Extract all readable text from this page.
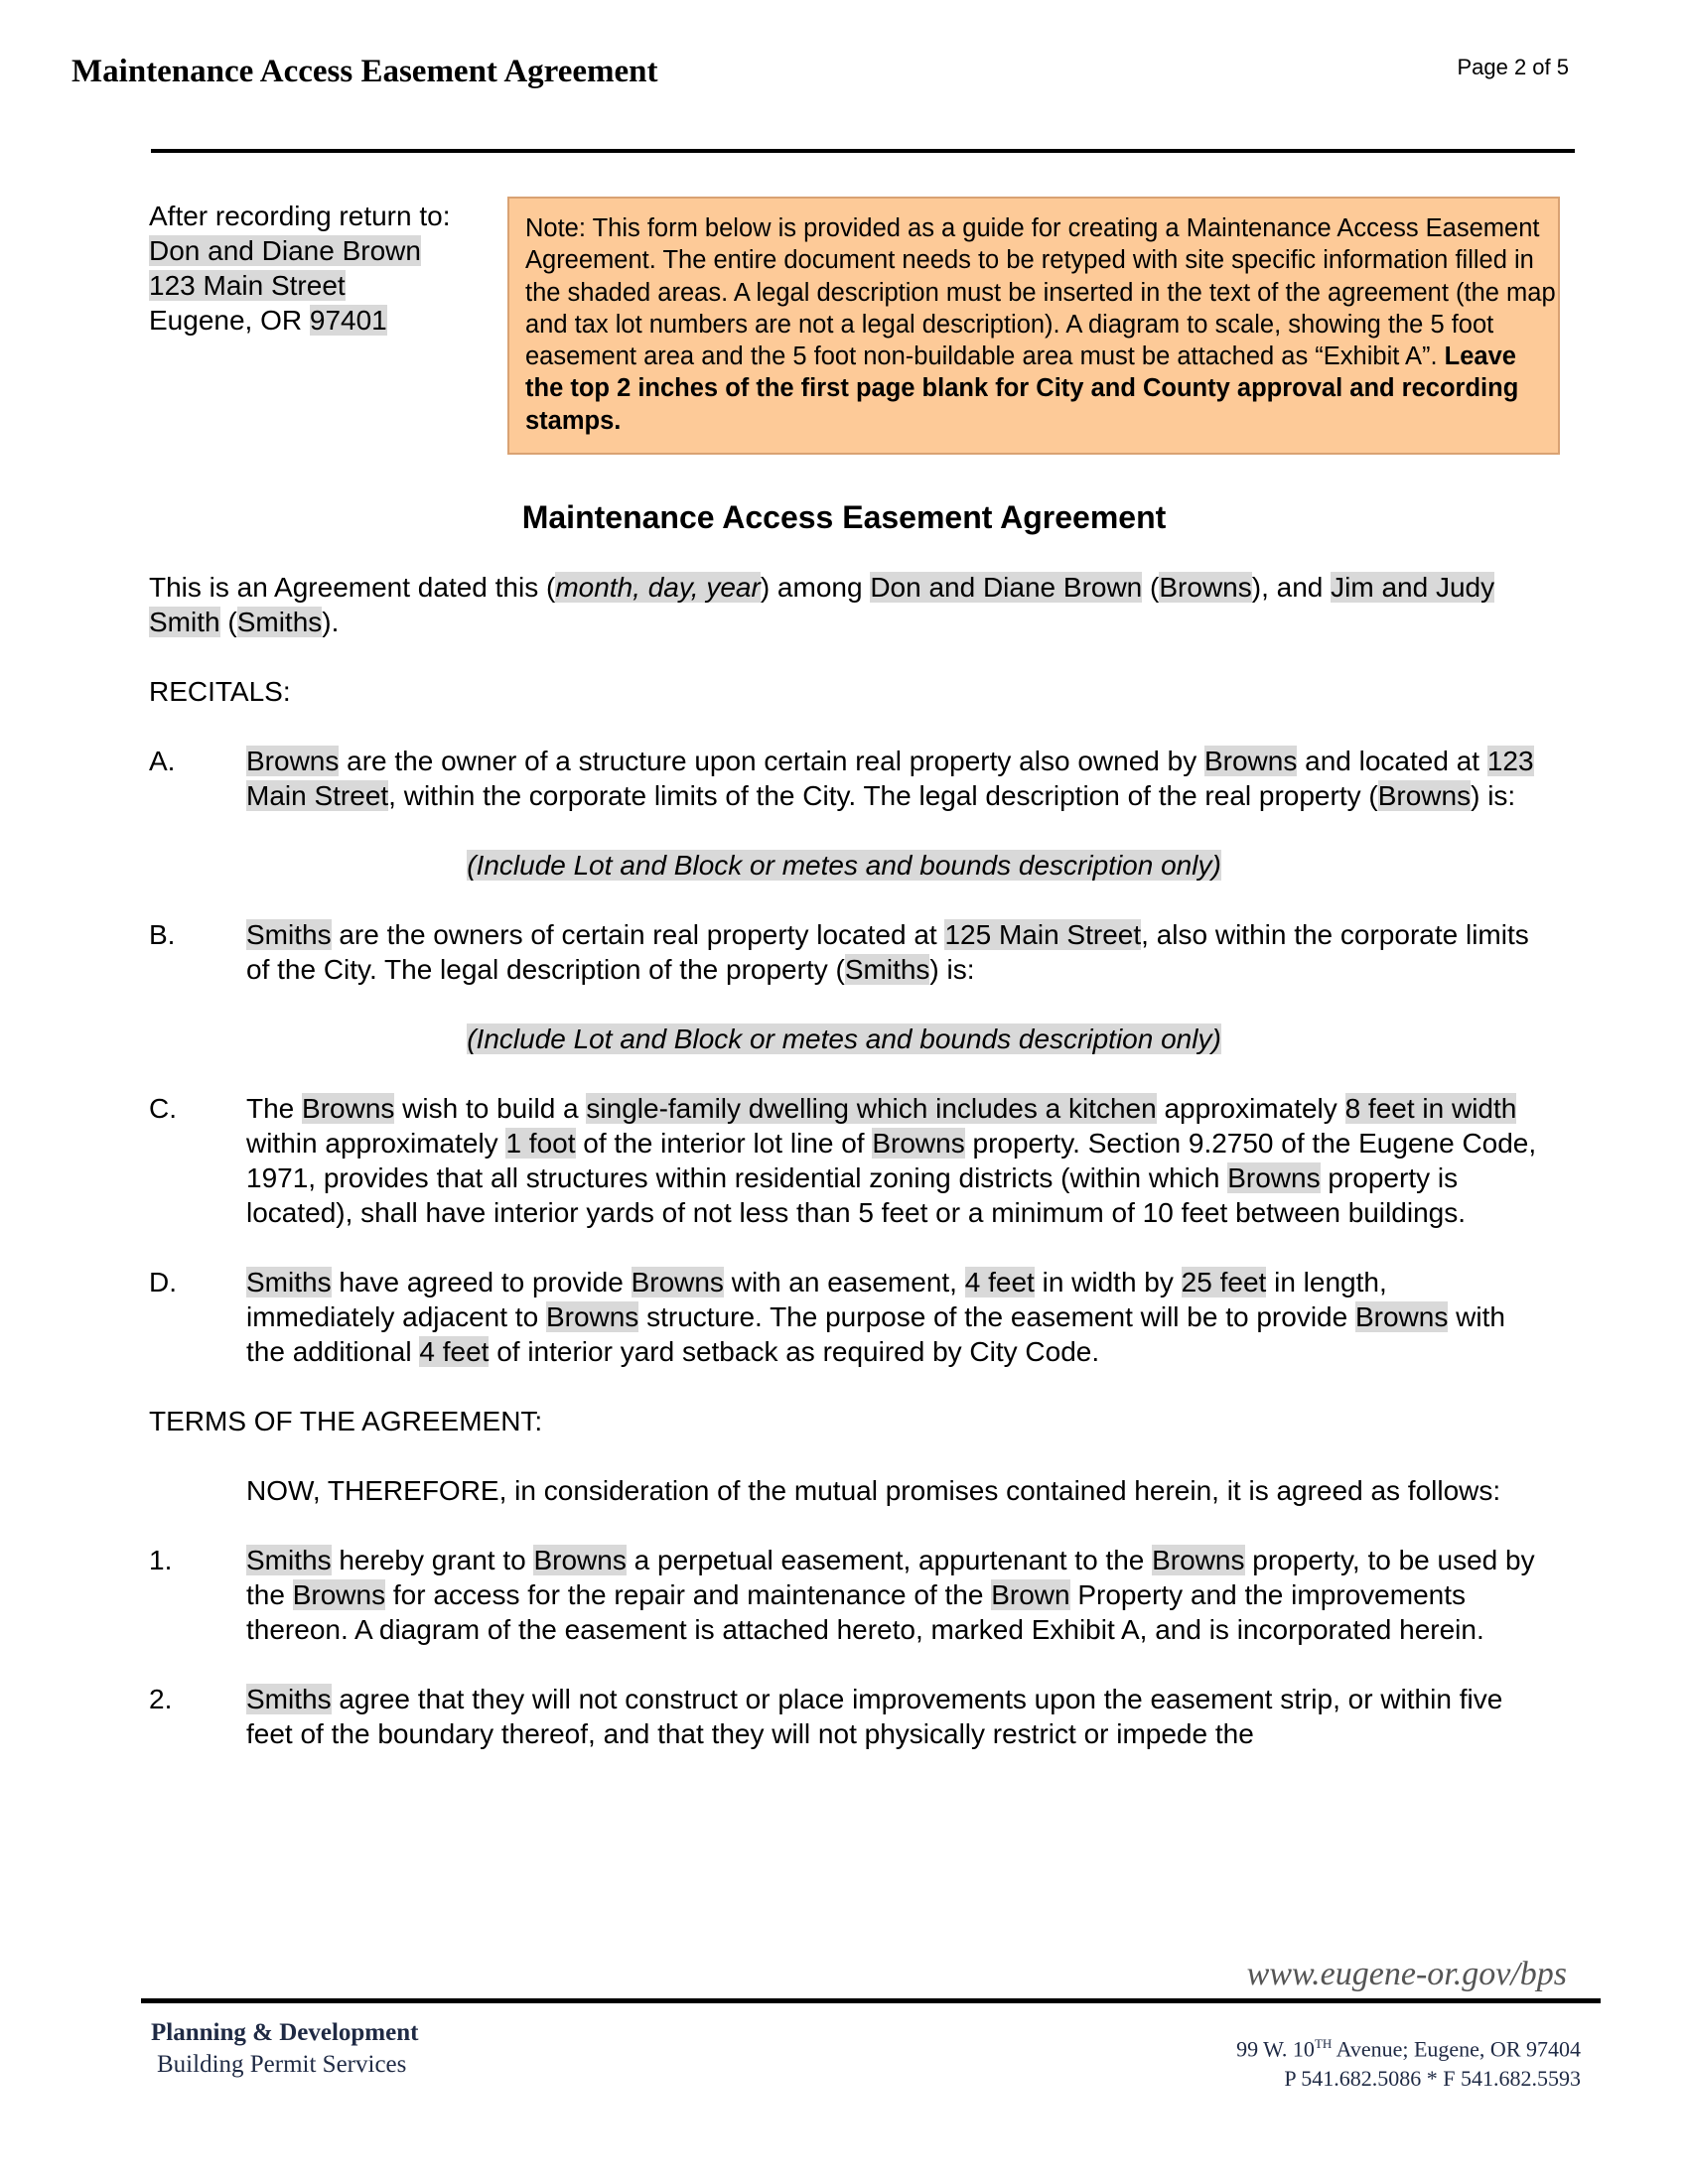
Maintenance Access Easement Agreement	Page 2 of 5
After recording return to:
Don and Diane Brown
123 Main Street
Eugene, OR 97401
Note: This form below is provided as a guide for creating a Maintenance Access Easement Agreement. The entire document needs to be retyped with site specific information filled in the shaded areas. A legal description must be inserted in the text of the agreement (the map and tax lot numbers are not a legal description). A diagram to scale, showing the 5 foot easement area and the 5 foot non-buildable area must be attached as “Exhibit A”. Leave the top 2 inches of the first page blank for City and County approval and recording stamps.
Maintenance Access Easement Agreement
This is an Agreement dated this (month, day, year) among Don and Diane Brown (Browns), and Jim and Judy Smith (Smiths).
RECITALS:
A.	Browns are the owner of a structure upon certain real property also owned by Browns and located at 123 Main Street, within the corporate limits of the City. The legal description of the real property (Browns) is:
(Include Lot and Block or metes and bounds description only)
B.	Smiths are the owners of certain real property located at 125 Main Street, also within the corporate limits of the City. The legal description of the property (Smiths) is:
(Include Lot and Block or metes and bounds description only)
C.	The Browns wish to build a single-family dwelling which includes a kitchen approximately 8 feet in width within approximately 1 foot of the interior lot line of Browns property. Section 9.2750 of the Eugene Code, 1971, provides that all structures within residential zoning districts (within which Browns property is located), shall have interior yards of not less than 5 feet or a minimum of 10 feet between buildings.
D.	Smiths have agreed to provide Browns with an easement, 4 feet in width by 25 feet in length, immediately adjacent to Browns structure. The purpose of the easement will be to provide Browns with the additional 4 feet of interior yard setback as required by City Code.
TERMS OF THE AGREEMENT:
NOW, THEREFORE, in consideration of the mutual promises contained herein, it is agreed as follows:
1.	Smiths hereby grant to Browns a perpetual easement, appurtenant to the Browns property, to be used by the Browns for access for the repair and maintenance of the Brown Property and the improvements thereon. A diagram of the easement is attached hereto, marked Exhibit A, and is incorporated herein.
2.	Smiths agree that they will not construct or place improvements upon the easement strip, or within five feet of the boundary thereof, and that they will not physically restrict or impede the
www.eugene-or.gov/bps
Planning & Development
Building Permit Services
99 W. 10TH Avenue; Eugene, OR 97404
P 541.682.5086 * F 541.682.5593
